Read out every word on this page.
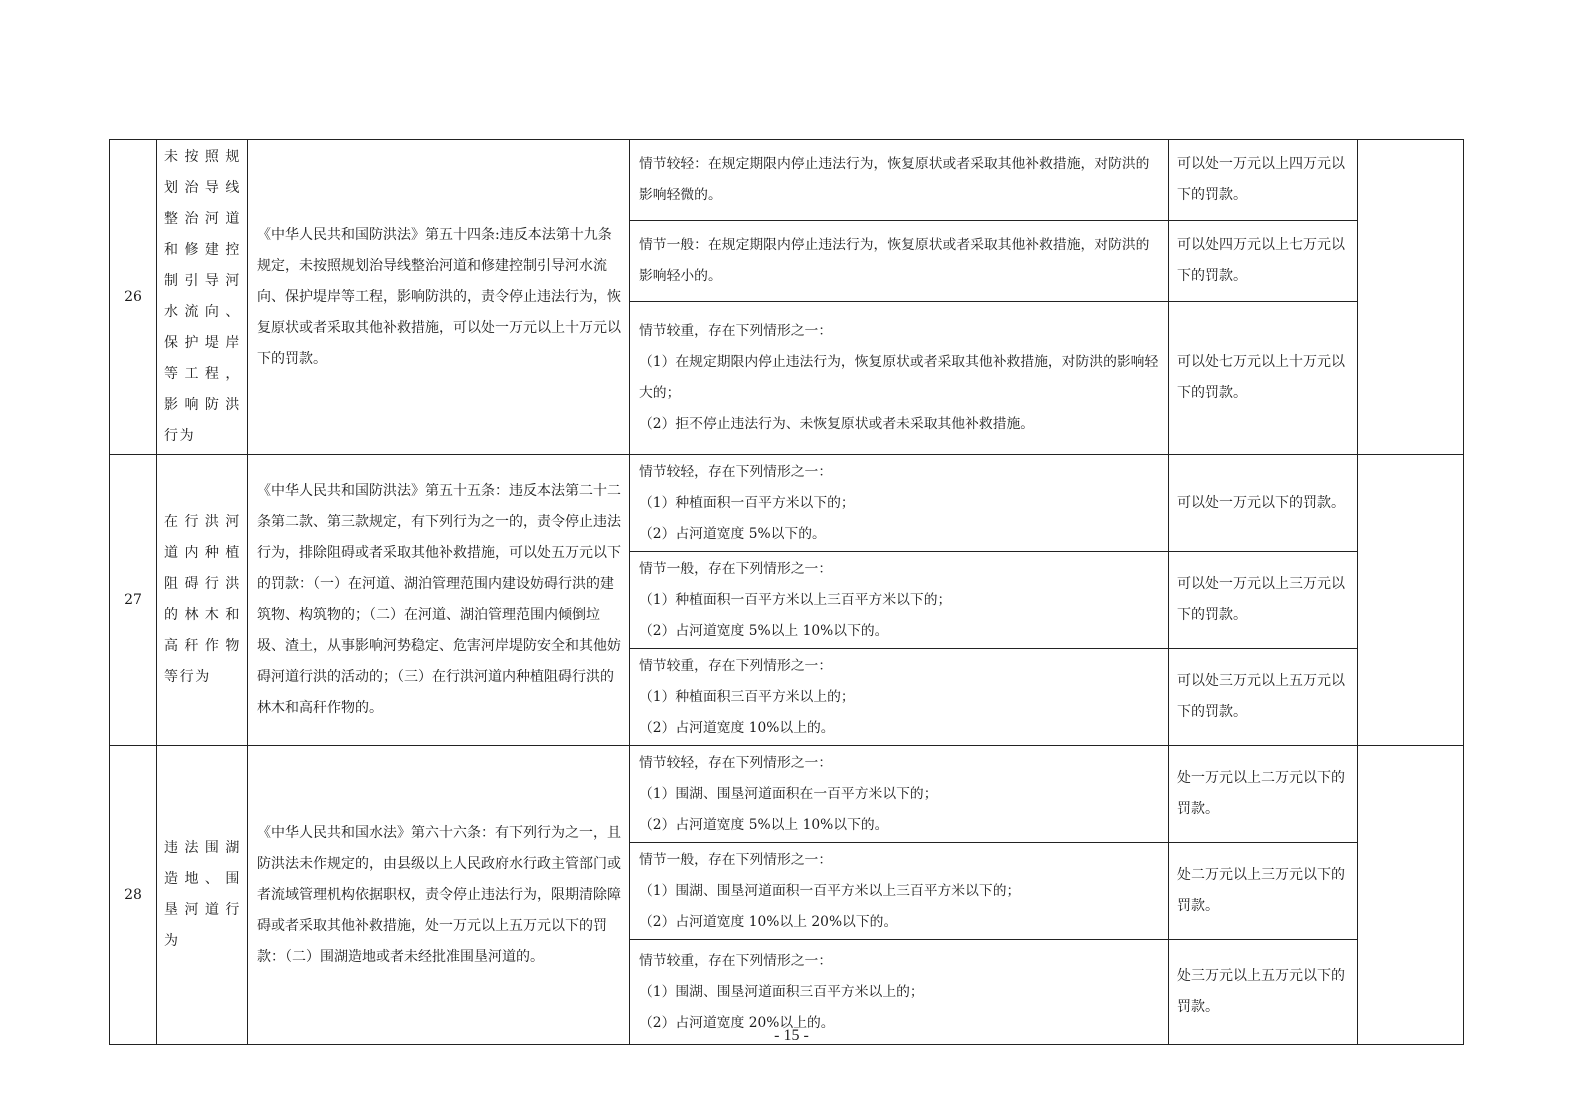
26	未按照规划治导线整治河道和修建控制引导河水流向、保护堤岸等工程，影响防洪行为	《中华人民共和国防洪法》第五十四条:违反本法第十九条规定，未按照规划治导线整治河道和修建控制引导河水流向、保护堤岸等工程，影响防洪的，责令停止违法行为，恢复原状或者采取其他补救措施，可以处一万元以上十万元以下的罚款。	情节较轻：在规定期限内停止违法行为，恢复原状或者采取其他补救措施，对防洪的影响轻微的。	可以处一万元以上四万元以下的罚款。	

			情节一般：在规定期限内停止违法行为，恢复原状或者采取其他补救措施，对防洪的影响轻小的。	可以处四万元以上七万元以下的罚款。	

			情节较重，存在下列情形之一：
（1）在规定期限内停止违法行为，恢复原状或者采取其他补救措施，对防洪的影响轻大的；
（2）拒不停止违法行为、未恢复原状或者未采取其他补救措施。	可以处七万元以上十万元以下的罚款。	

27	在行洪河道内种植阻碍行洪的林木和高秆作物等行为	《中华人民共和国防洪法》第五十五条：违反本法第二十二条第二款、第三款规定，有下列行为之一的，责令停止违法行为，排除阻碍或者采取其他补救措施，可以处五万元以下的罚款：（一）在河道、湖泊管理范围内建设妨碍行洪的建筑物、构筑物的；（二）在河道、湖泊管理范围内倾倒垃圾、渣土，从事影响河势稳定、危害河岸堤防安全和其他妨碍河道行洪的活动的；（三）在行洪河道内种植阻碍行洪的林木和高秆作物的。	情节较轻，存在下列情形之一：
（1）种植面积一百平方米以下的；
（2）占河道宽度 5%以下的。	可以处一万元以下的罚款。	

			情节一般，存在下列情形之一：
（1）种植面积一百平方米以上三百平方米以下的；
（2）占河道宽度 5%以上 10%以下的。	可以处一万元以上三万元以下的罚款。	

			情节较重，存在下列情形之一：
（1）种植面积三百平方米以上的；
（2）占河道宽度 10%以上的。	可以处三万元以上五万元以下的罚款。	

28	违法围湖造地、围垦河道行为	《中华人民共和国水法》第六十六条：有下列行为之一，且防洪法未作规定的，由县级以上人民政府水行政主管部门或者流域管理机构依据职权，责令停止违法行为，限期清除障碍或者采取其他补救措施，处一万元以上五万元以下的罚款：（二）围湖造地或者未经批准围垦河道的。	情节较轻，存在下列情形之一：
（1）围湖、围垦河道面积在一百平方米以下的；
（2）占河道宽度 5%以上 10%以下的。	处一万元以上二万元以下的罚款。	

			情节一般，存在下列情形之一：
（1）围湖、围垦河道面积一百平方米以上三百平方米以下的；
（2）占河道宽度 10%以上 20%以下的。	处二万元以上三万元以下的罚款。	

			情节较重，存在下列情形之一：
（1）围湖、围垦河道面积三百平方米以上的；
（2）占河道宽度 20%以上的。	处三万元以上五万元以下的罚款。	
- 15 -
